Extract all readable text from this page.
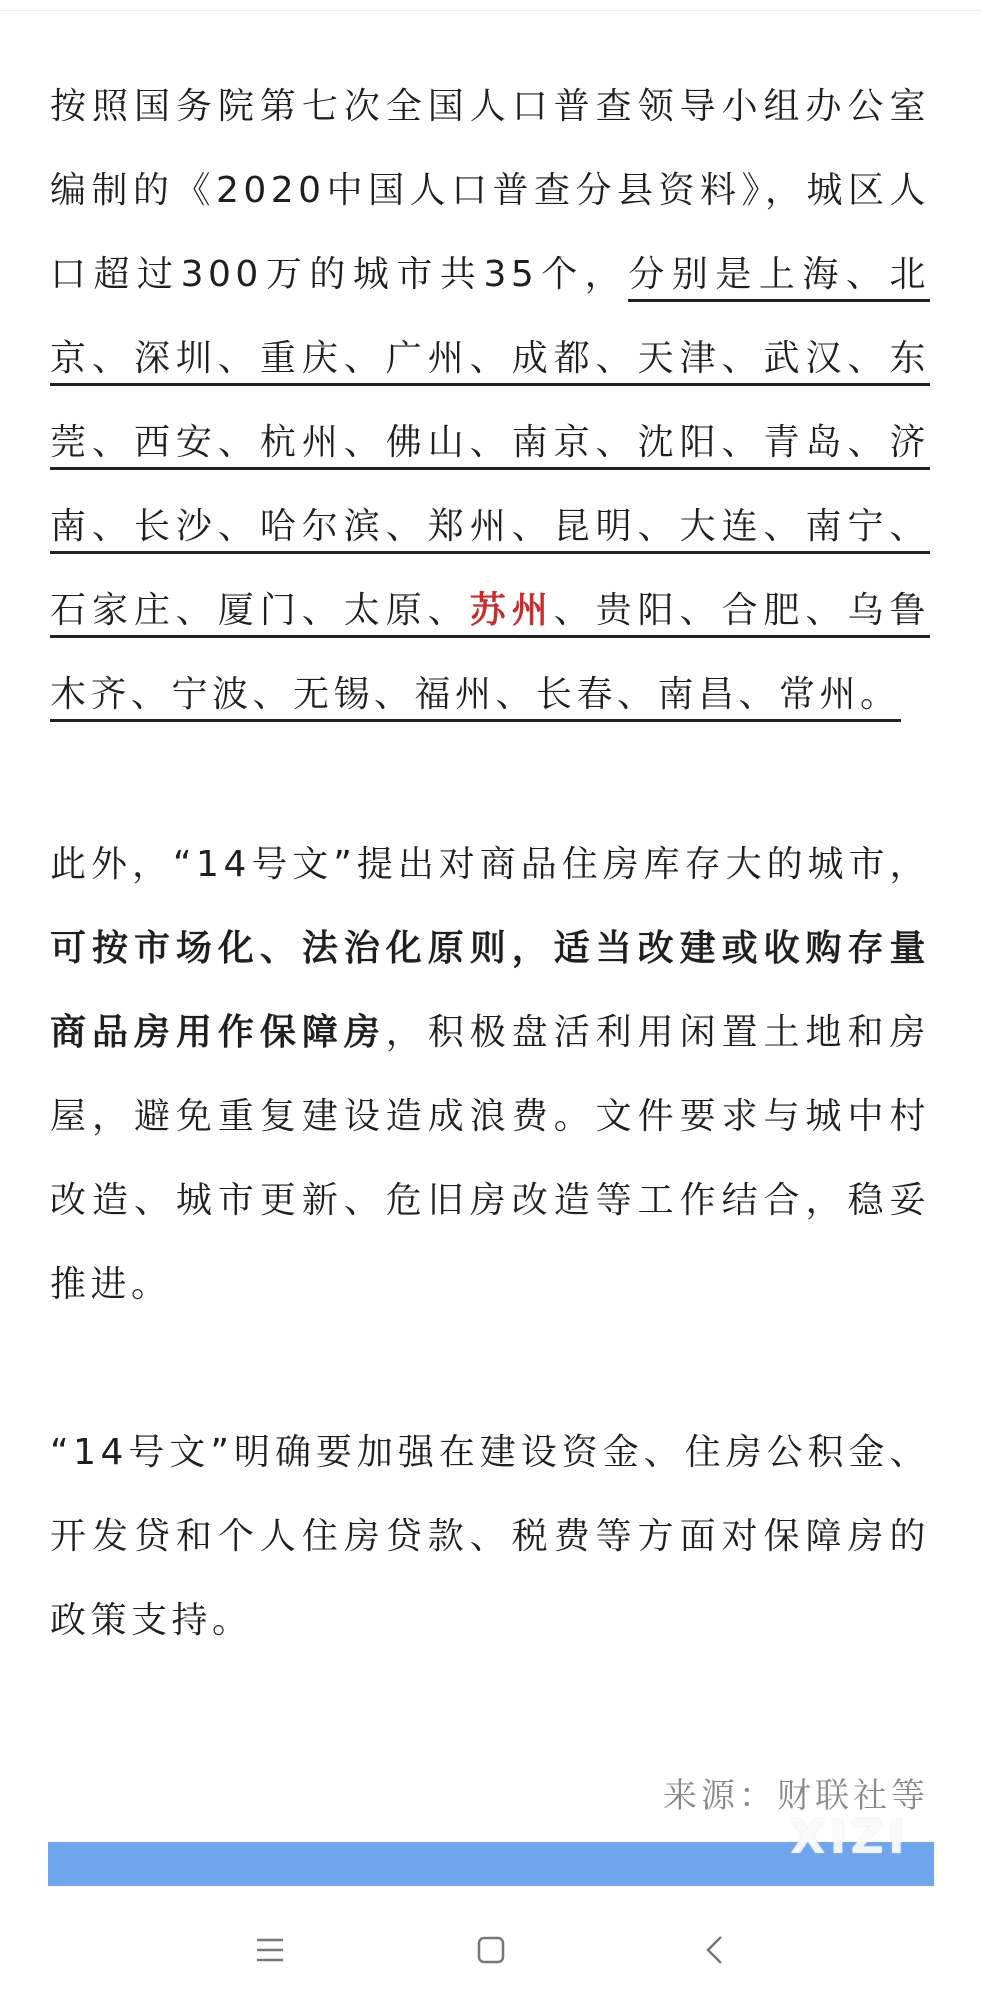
按照国务院第七次全国人口普查领导小组办公室编制的《2020中国人口普查分县资料》，城区人口超过300万的城市共35个，分别是上海、北京、深圳、重庆、广州、成都、天津、武汉、东莞、西安、杭州、佛山、南京、沈阳、青岛、济南、长沙、哈尔滨、郑州、昆明、大连、南宁、石家庄、厦门、太原、苏州、贵阳、合肥、乌鲁

木齐、宁波、无锡、福州、长春、南昌、常州。

此外，“14号文”提出对商品住房库存大的城市，可按市场化、法治化原则，适当改建或收购存量商品房用作保障房，积极盘活利用闲置土地和房屋，避免重复建设造成浪费。文件要求与城中村改造、城市更新、危旧房改造等工作结合，稳妥

推进。

“14号文”明确要加强在建设资金、住房公积金、开发贷和个人住房贷款、税费等方面对保障房的

政策支持。

来源：财联社等
XIZI
